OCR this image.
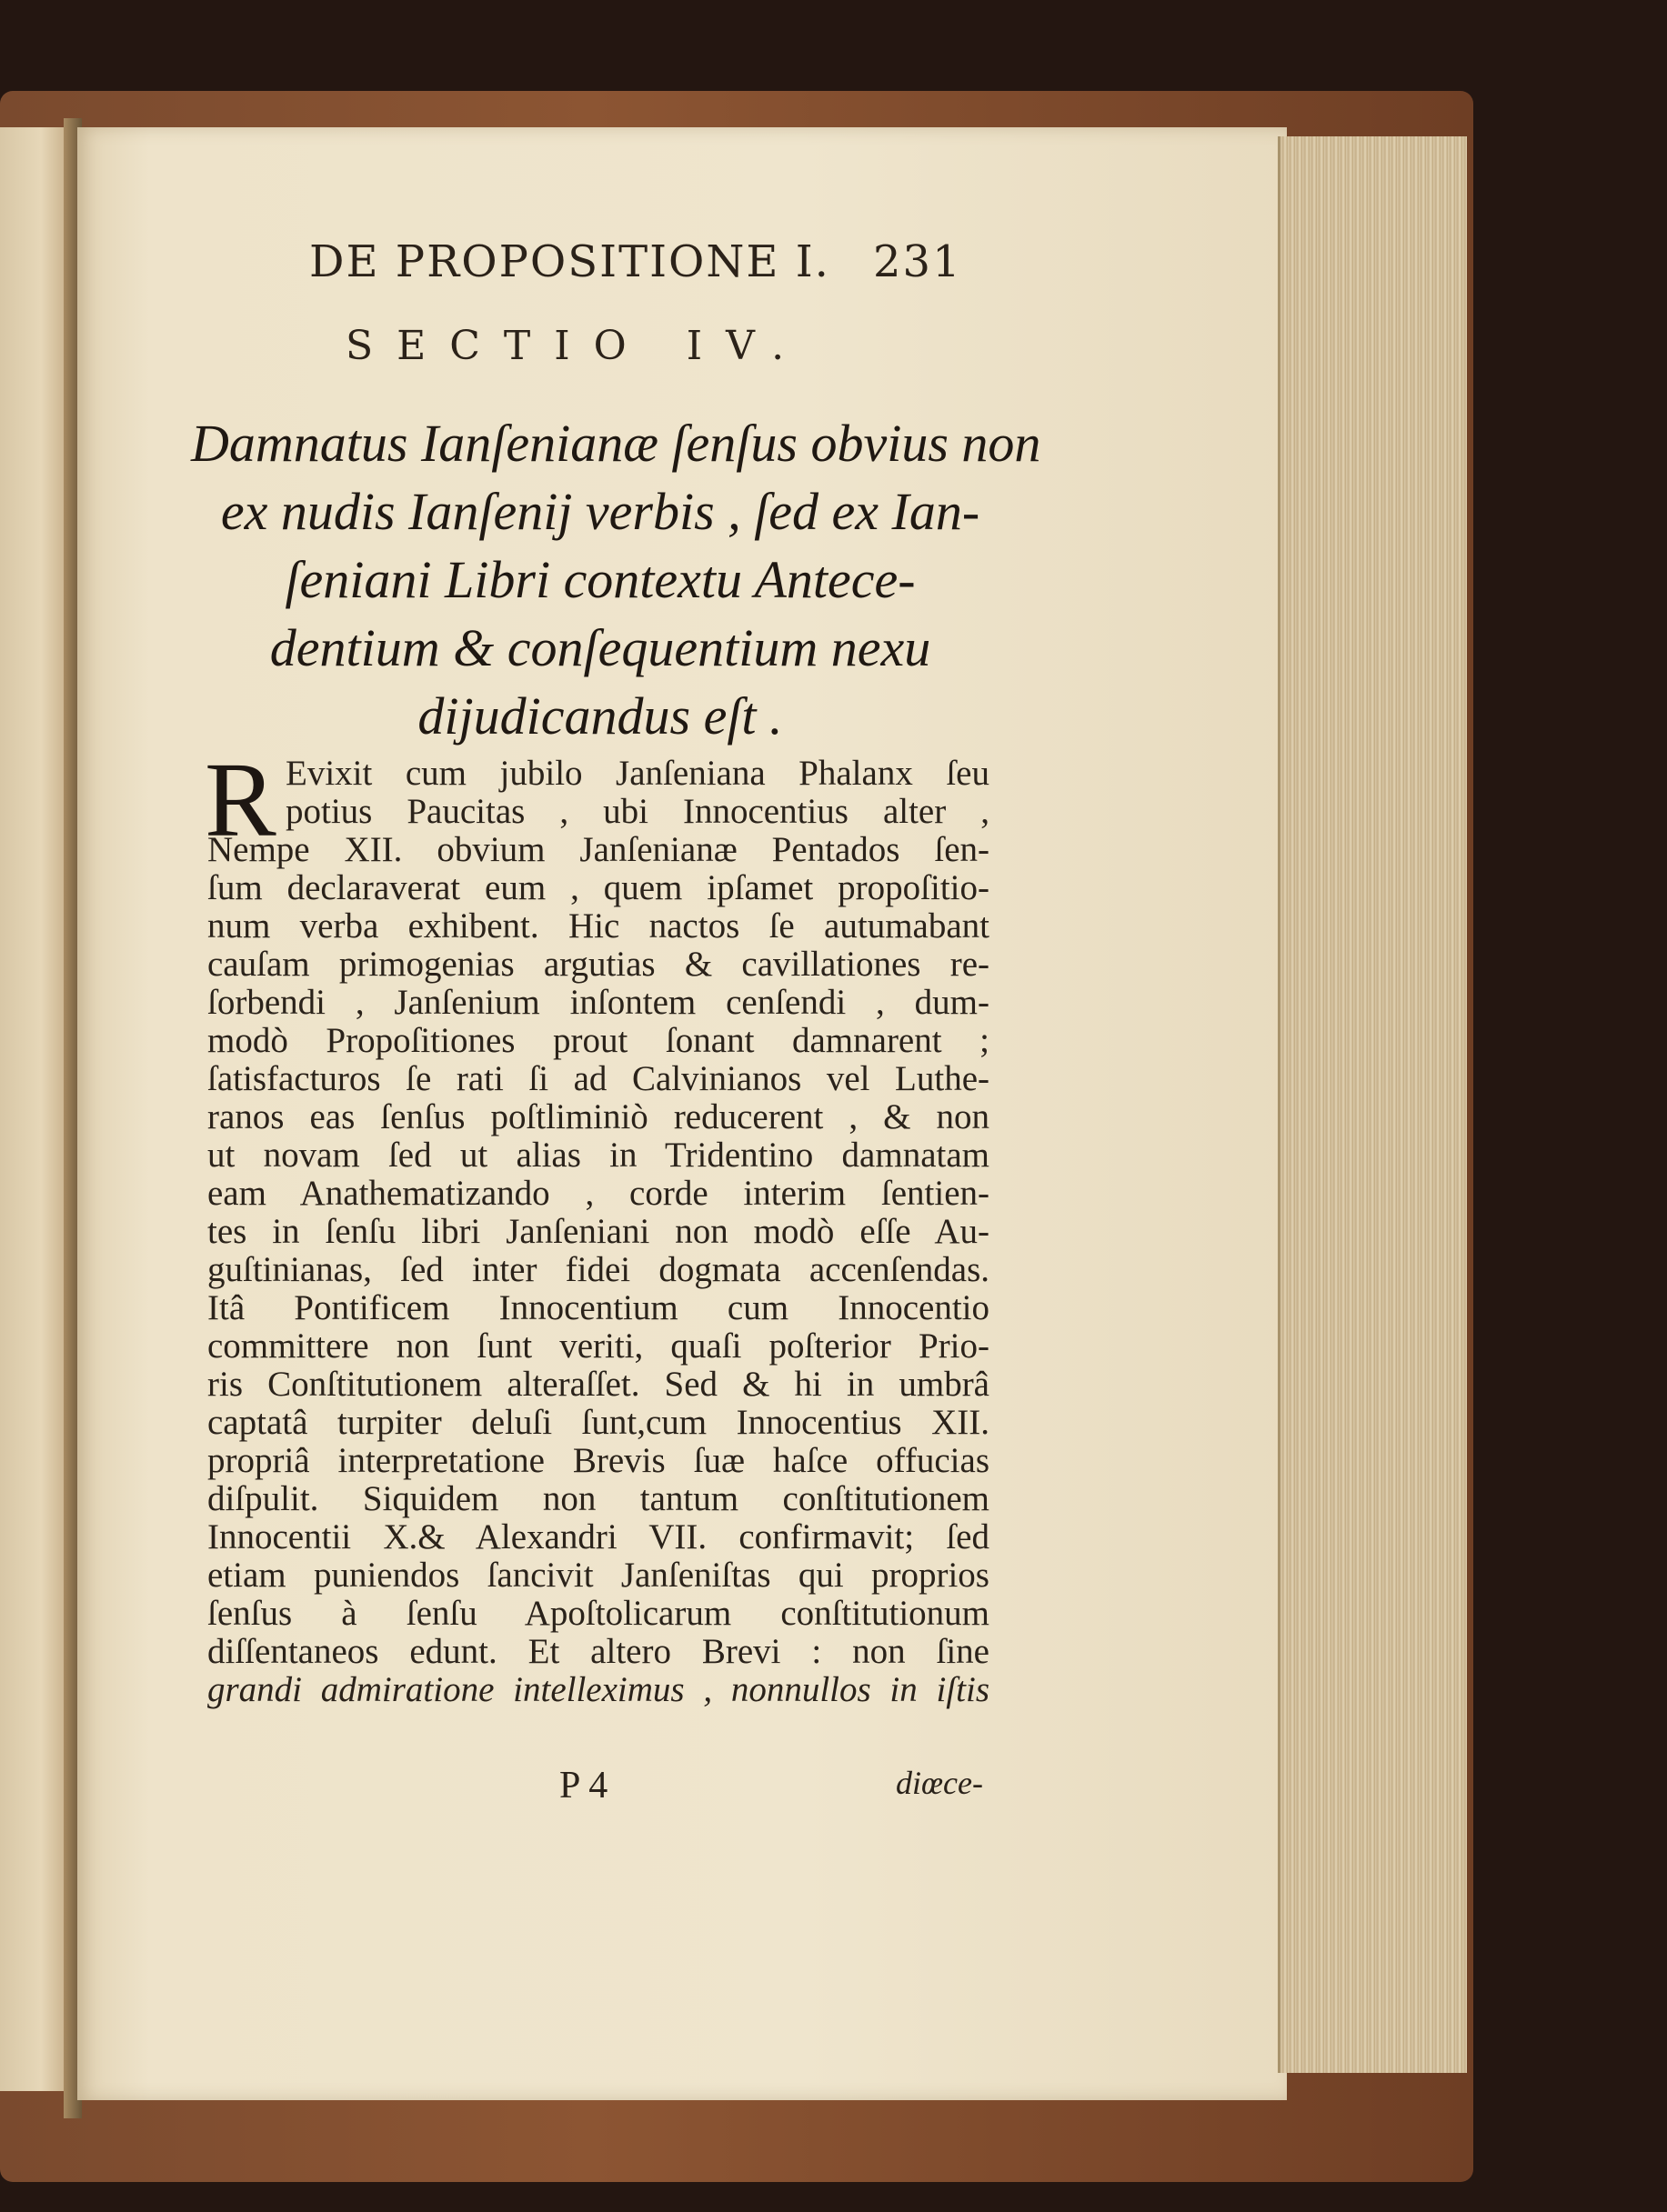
DE PROPOSITIONE I. 231
SECTIO IV.
Damnatus Ianſenianæ ſenſus obvius non
ex nudis Ianſenij verbis , ſed ex Ian-
ſeniani Libri contextu Antece-
dentium & conſequentium nexu
dijudicandus eſt .
R Evixit cum jubilo Janſeniana Phalanx ſeu
potius Paucitas , ubi Innocentius alter ,
Nempe XII. obvium Janſenianæ Pentados ſen-
ſum declaraverat eum , quem ipſamet propoſitio-
num verba exhibent. Hic nactos ſe autumabant
cauſam primogenias argutias & cavillationes re-
ſorbendi , Janſenium inſontem cenſendi , dum-
modò Propoſitiones prout ſonant damnarent ;
ſatisfacturos ſe rati ſi ad Calvinianos vel Luthe-
ranos eas ſenſus poſtliminiò reducerent , & non
ut novam ſed ut alias in Tridentino damnatam
eam Anathematizando , corde interim ſentien-
tes in ſenſu libri Janſeniani non modò eſſe Au-
guſtinianas, ſed inter fidei dogmata accenſendas.
Itâ Pontificem Innocentium cum Innocentio
committere non ſunt veriti, quaſi poſterior Prio-
ris Conſtitutionem alteraſſet. Sed & hi in umbrâ
captatâ turpiter deluſi ſunt,cum Innocentius XII.
propriâ interpretatione Brevis ſuæ haſce offucias
diſpulit. Siquidem non tantum conſtitutionem
Innocentii X.& Alexandri VII. confirmavit; ſed
etiam puniendos ſancivit Janſeniſtas qui proprios
ſenſus à ſenſu Apoſtolicarum conſtitutionum
diſſentaneos edunt. Et altero Brevi : non ſine
grandi admiratione intelleximus , nonnullos in iſtis
P 4	diœce-
